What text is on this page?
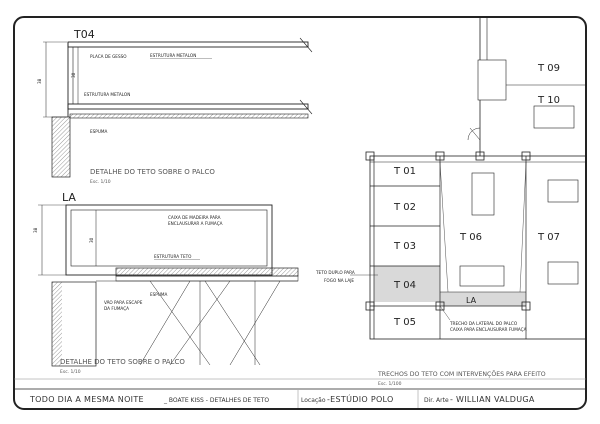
T04
38
30
PLACA DE GESSO	ESTRUTURA METALON
ESTRUTURA METALON
ESPUMA
DETALHE DO TETO SOBRE O PALCO
Esc. 1/10
LA
38
30
CAIXA DE MADEIRA PARA
ENCLAUSURAR A FUMAÇA
ESTRUTURA TETO
ESPUMA
VÃO PARA ESCAPE
DA FUMAÇA
DETALHE DO TETO SOBRE O PALCO
Esc. 1/10
T 01
T 02
T 03
T 04
T 05
T 06	T 07
T 09
T 10
LA
TETO DUPLO PARA
FOGO NA LAJE
TRECHO DA LATERAL DO PALCO
CAIXA PARA ENCLAUSURAR FUMAÇA
TRECHOS DO TETO COM INTERVENÇÕES PARA EFEITO
Esc. 1/100
TODO DIA A MESMA NOITE	_ BOATE KISS - DETALHES DE TETO	Locação -ESTÚDIO POLO	Dir. Arte - WILLIAN VALDUGA
